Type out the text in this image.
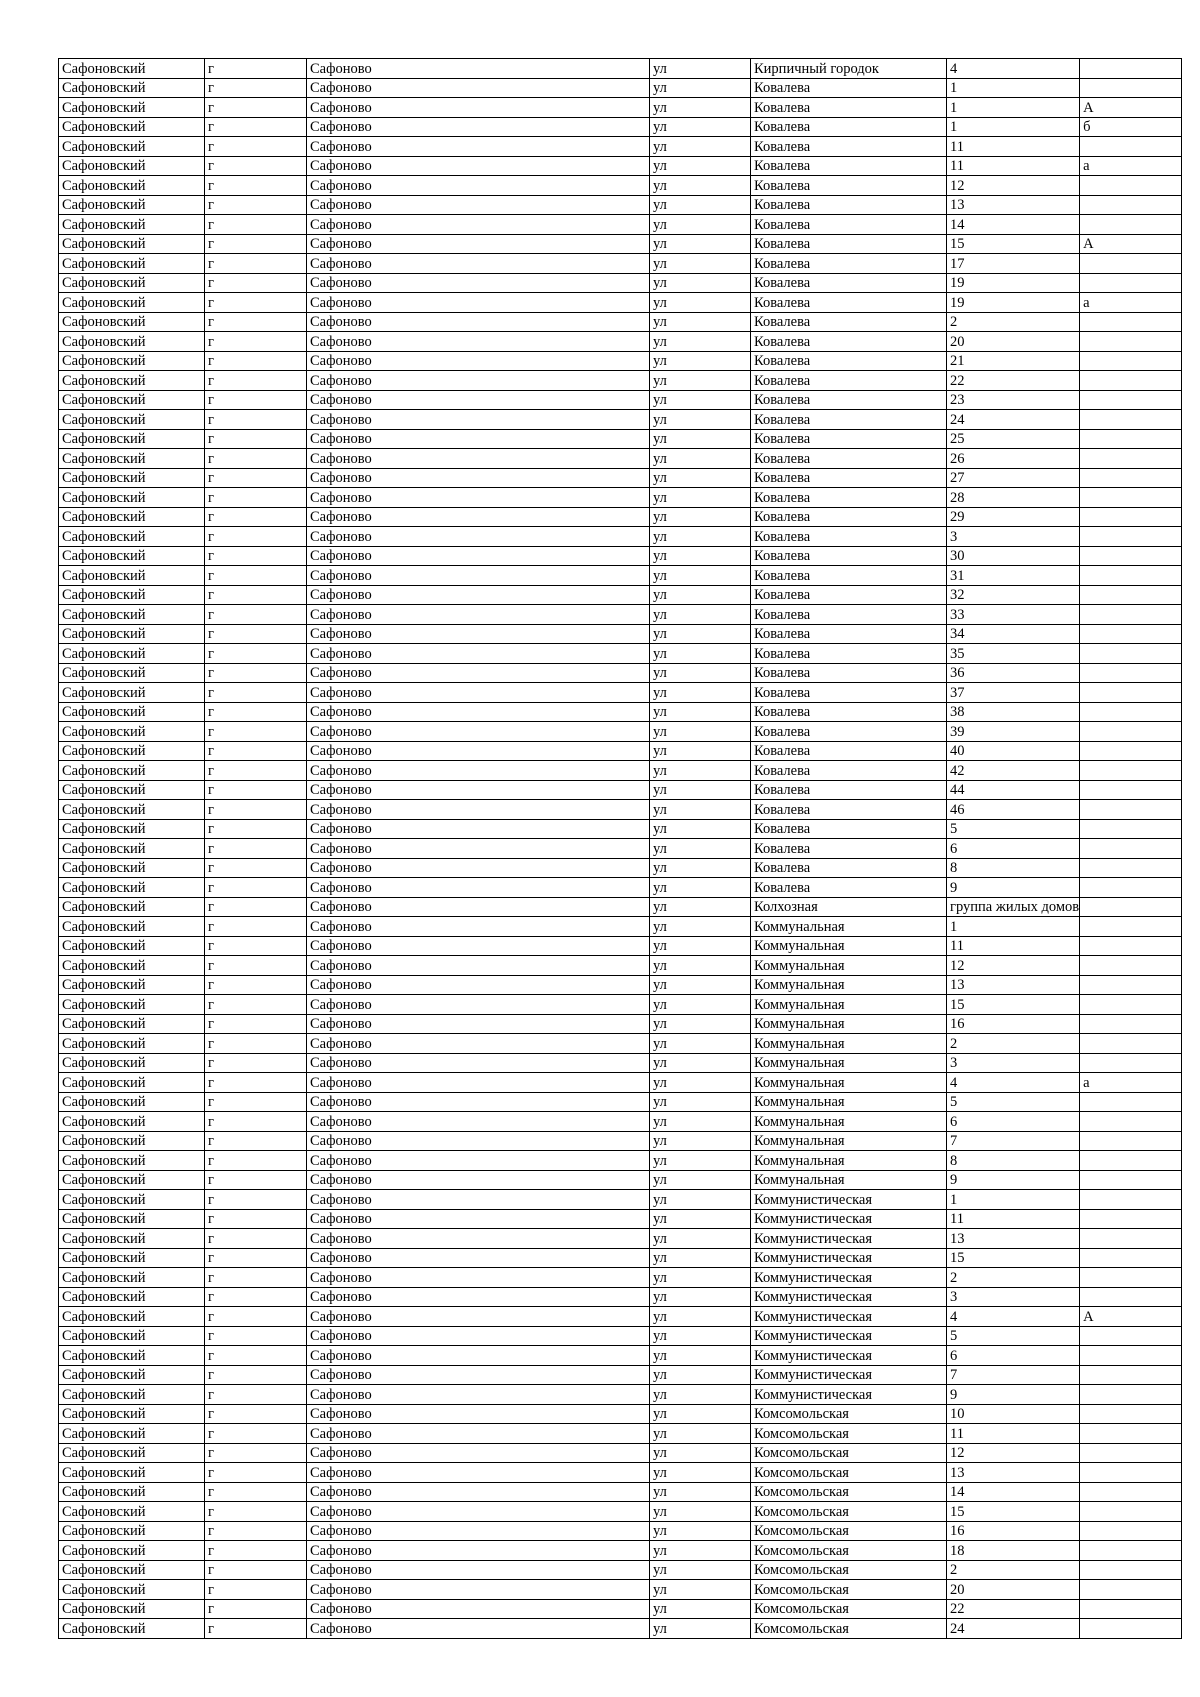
Сафоновский	г	Сафоново	ул	Кирпичный городок	4	
Сафоновский	г	Сафоново	ул	Ковалева	1	
Сафоновский	г	Сафоново	ул	Ковалева	1	А
Сафоновский	г	Сафоново	ул	Ковалева	1	б
Сафоновский	г	Сафоново	ул	Ковалева	11	
Сафоновский	г	Сафоново	ул	Ковалева	11	а
Сафоновский	г	Сафоново	ул	Ковалева	12	
Сафоновский	г	Сафоново	ул	Ковалева	13	
Сафоновский	г	Сафоново	ул	Ковалева	14	
Сафоновский	г	Сафоново	ул	Ковалева	15	А
Сафоновский	г	Сафоново	ул	Ковалева	17	
Сафоновский	г	Сафоново	ул	Ковалева	19	
Сафоновский	г	Сафоново	ул	Ковалева	19	а
Сафоновский	г	Сафоново	ул	Ковалева	2	
Сафоновский	г	Сафоново	ул	Ковалева	20	
Сафоновский	г	Сафоново	ул	Ковалева	21	
Сафоновский	г	Сафоново	ул	Ковалева	22	
Сафоновский	г	Сафоново	ул	Ковалева	23	
Сафоновский	г	Сафоново	ул	Ковалева	24	
Сафоновский	г	Сафоново	ул	Ковалева	25	
Сафоновский	г	Сафоново	ул	Ковалева	26	
Сафоновский	г	Сафоново	ул	Ковалева	27	
Сафоновский	г	Сафоново	ул	Ковалева	28	
Сафоновский	г	Сафоново	ул	Ковалева	29	
Сафоновский	г	Сафоново	ул	Ковалева	3	
Сафоновский	г	Сафоново	ул	Ковалева	30	
Сафоновский	г	Сафоново	ул	Ковалева	31	
Сафоновский	г	Сафоново	ул	Ковалева	32	
Сафоновский	г	Сафоново	ул	Ковалева	33	
Сафоновский	г	Сафоново	ул	Ковалева	34	
Сафоновский	г	Сафоново	ул	Ковалева	35	
Сафоновский	г	Сафоново	ул	Ковалева	36	
Сафоновский	г	Сафоново	ул	Ковалева	37	
Сафоновский	г	Сафоново	ул	Ковалева	38	
Сафоновский	г	Сафоново	ул	Ковалева	39	
Сафоновский	г	Сафоново	ул	Ковалева	40	
Сафоновский	г	Сафоново	ул	Ковалева	42	
Сафоновский	г	Сафоново	ул	Ковалева	44	
Сафоновский	г	Сафоново	ул	Ковалева	46	
Сафоновский	г	Сафоново	ул	Ковалева	5	
Сафоновский	г	Сафоново	ул	Ковалева	6	
Сафоновский	г	Сафоново	ул	Ковалева	8	
Сафоновский	г	Сафоново	ул	Ковалева	9	
Сафоновский	г	Сафоново	ул	Колхозная	группа жилых домов	
Сафоновский	г	Сафоново	ул	Коммунальная	1	
Сафоновский	г	Сафоново	ул	Коммунальная	11	
Сафоновский	г	Сафоново	ул	Коммунальная	12	
Сафоновский	г	Сафоново	ул	Коммунальная	13	
Сафоновский	г	Сафоново	ул	Коммунальная	15	
Сафоновский	г	Сафоново	ул	Коммунальная	16	
Сафоновский	г	Сафоново	ул	Коммунальная	2	
Сафоновский	г	Сафоново	ул	Коммунальная	3	
Сафоновский	г	Сафоново	ул	Коммунальная	4	а
Сафоновский	г	Сафоново	ул	Коммунальная	5	
Сафоновский	г	Сафоново	ул	Коммунальная	6	
Сафоновский	г	Сафоново	ул	Коммунальная	7	
Сафоновский	г	Сафоново	ул	Коммунальная	8	
Сафоновский	г	Сафоново	ул	Коммунальная	9	
Сафоновский	г	Сафоново	ул	Коммунистическая	1	
Сафоновский	г	Сафоново	ул	Коммунистическая	11	
Сафоновский	г	Сафоново	ул	Коммунистическая	13	
Сафоновский	г	Сафоново	ул	Коммунистическая	15	
Сафоновский	г	Сафоново	ул	Коммунистическая	2	
Сафоновский	г	Сафоново	ул	Коммунистическая	3	
Сафоновский	г	Сафоново	ул	Коммунистическая	4	А
Сафоновский	г	Сафоново	ул	Коммунистическая	5	
Сафоновский	г	Сафоново	ул	Коммунистическая	6	
Сафоновский	г	Сафоново	ул	Коммунистическая	7	
Сафоновский	г	Сафоново	ул	Коммунистическая	9	
Сафоновский	г	Сафоново	ул	Комсомольская	10	
Сафоновский	г	Сафоново	ул	Комсомольская	11	
Сафоновский	г	Сафоново	ул	Комсомольская	12	
Сафоновский	г	Сафоново	ул	Комсомольская	13	
Сафоновский	г	Сафоново	ул	Комсомольская	14	
Сафоновский	г	Сафоново	ул	Комсомольская	15	
Сафоновский	г	Сафоново	ул	Комсомольская	16	
Сафоновский	г	Сафоново	ул	Комсомольская	18	
Сафоновский	г	Сафоново	ул	Комсомольская	2	
Сафоновский	г	Сафоново	ул	Комсомольская	20	
Сафоновский	г	Сафоново	ул	Комсомольская	22	
Сафоновский	г	Сафоново	ул	Комсомольская	24	
